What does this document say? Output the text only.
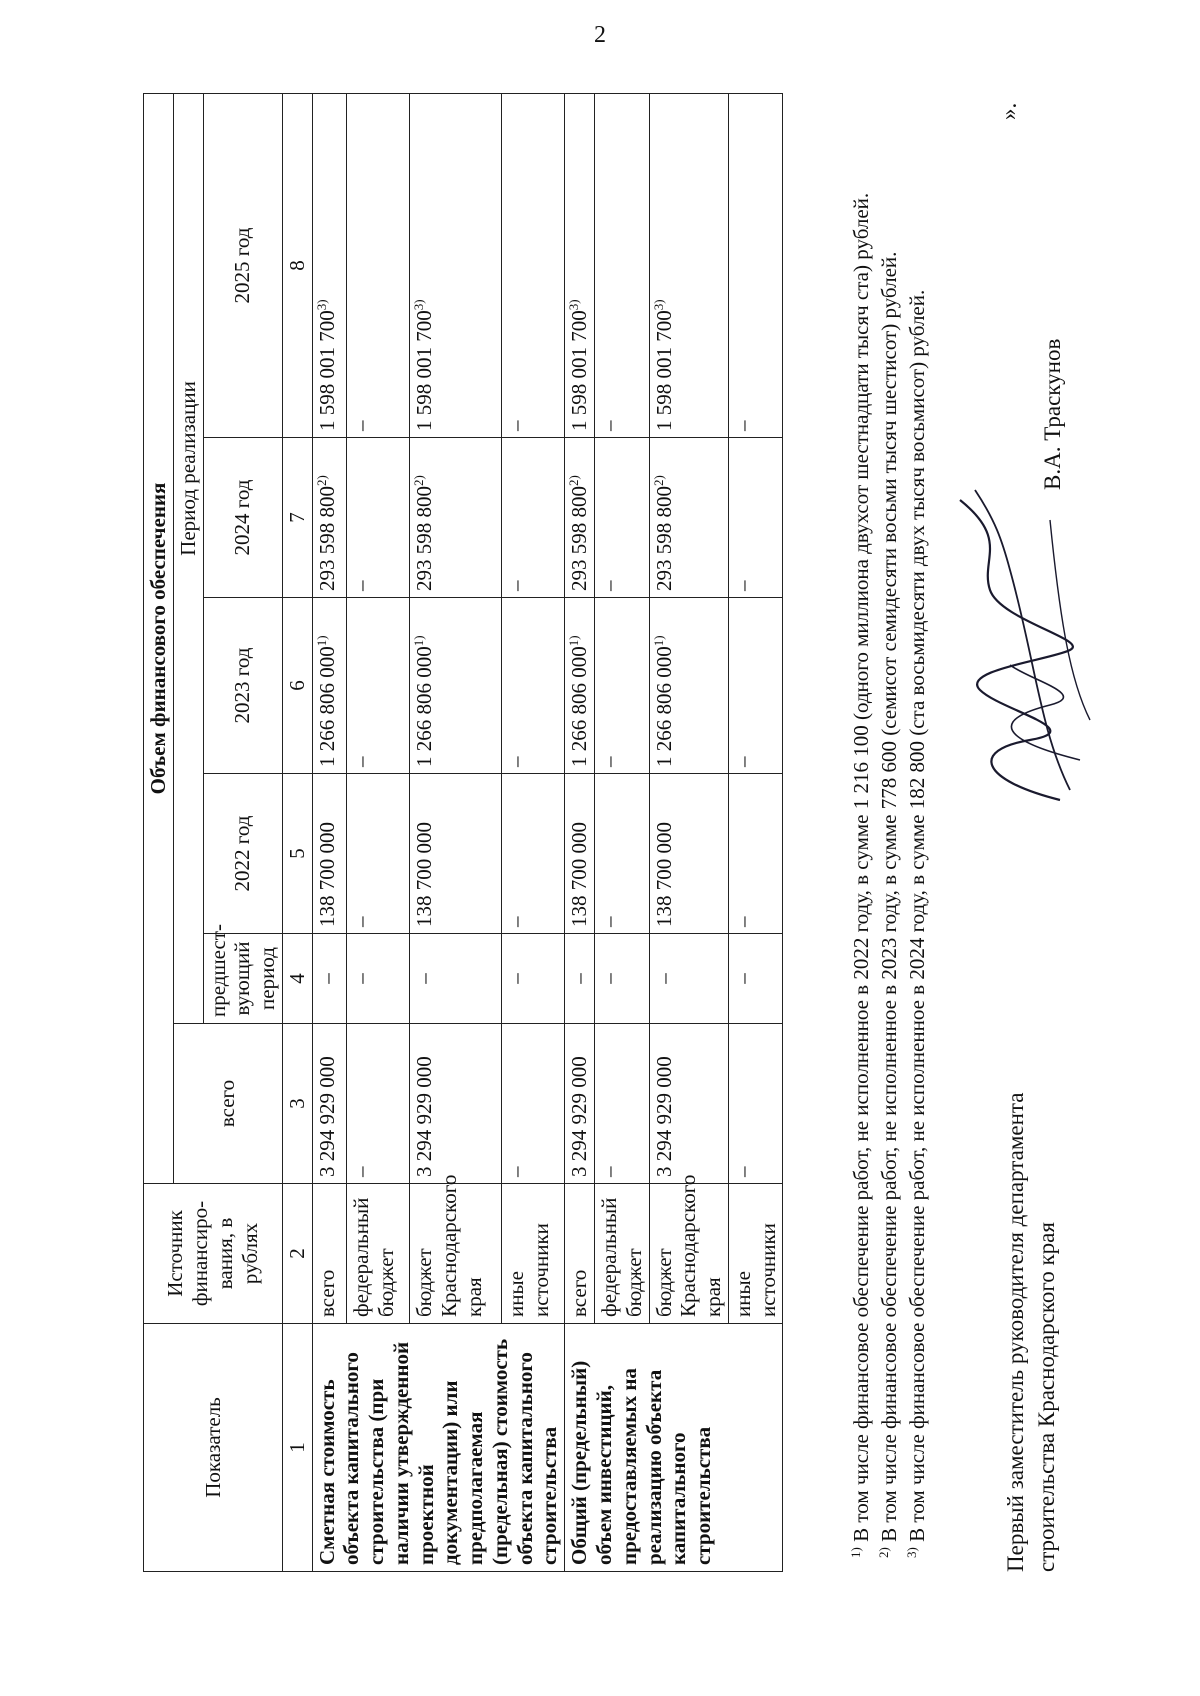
2
Показатель	Источник финансиро-вания, в рублях	Объем финансового обеспечения					
		всего	Период реализации				
			предшест-вующий период	2022 год	2023 год	2024 год	2025 год
1	2	3	4	5	6	7	8
Сметная стоимость объекта капитального строительства (при наличии утвержденной проектной документации) или предполагаемая (предельная) стоимость объекта капитального строительства	всего	3 294 929 000	–	138 700 000	1 266 806 000$^{1)}$	293 598 800$^{2)}$	1 598 001 700$^{3)}$
	федеральный бюджет	–	–	–	–	–	–
	бюджет Краснодарского края	3 294 929 000	–	138 700 000	1 266 806 000$^{1)}$	293 598 800$^{2)}$	1 598 001 700$^{3)}$
	иные источники	–	–	–	–	–	–
Общий (предельный) объем инвестиций, предоставляемых на реализацию объекта капитального строительства	всего	3 294 929 000	–	138 700 000	1 266 806 000$^{1)}$	293 598 800$^{2)}$	1 598 001 700$^{3)}$
	федеральный бюджет	–	–	–	–	–	–
	бюджет Краснодарского края	3 294 929 000	–	138 700 000	1 266 806 000$^{1)}$	293 598 800$^{2)}$	1 598 001 700$^{3)}$
	иные источники	–	–	–	–	–	–

$^{1)}$ В том числе финансовое обеспечение работ, не исполненное в 2022 году, в сумме 1 216 100 (одного миллиона двухсот шестнадцати тысяч ста) рублей.

$^{2)}$ В том числе финансовое обеспечение работ, не исполненное в 2023 году, в сумме 778 600 (семисот семидесяти восьми тысяч шестисот) рублей.

$^{3)}$ В том числе финансовое обеспечение работ, не исполненное в 2024 году, в сумме 182 800 (ста восьмидесяти двух тысяч восьмисот) рублей.

».
Первый заместитель руководителя департамента строительства Краснодарского края
В.А. Траскунов
